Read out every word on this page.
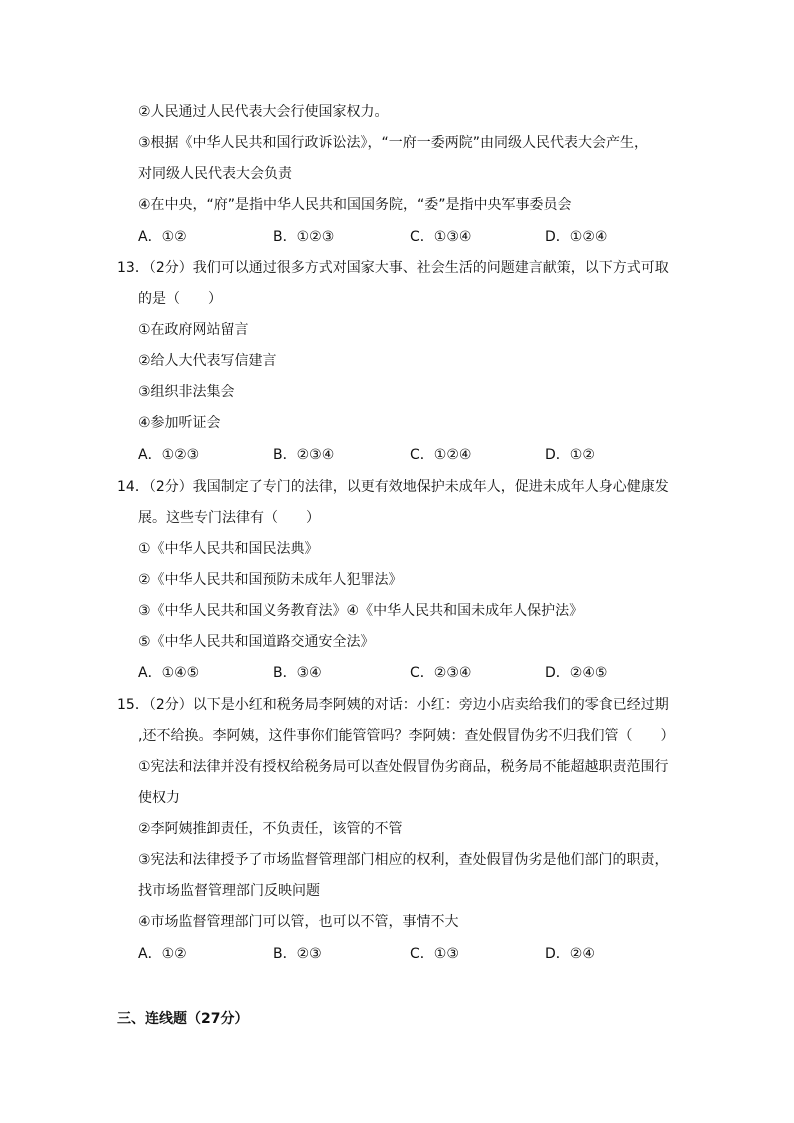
②人民通过人民代表大会行使国家权力。
③根据《中华人民共和国行政诉讼法》，“一府一委两院”由同级人民代表大会产生，
对同级人民代表大会负责
④在中央，“府”是指中华人民共和国国务院，“委”是指中央军事委员会
A．①②	B．①②③	C．①③④	D．①②④
13．（2分）我们可以通过很多方式对国家大事、社会生活的问题建言献策，以下方式可取
的是（　　）
①在政府网站留言
②给人大代表写信建言
③组织非法集会
④参加听证会
A．①②③	B．②③④	C．①②④	D．①②
14．（2分）我国制定了专门的法律，以更有效地保护未成年人，促进未成年人身心健康发
展。这些专门法律有（　　）
①《中华人民共和国民法典》
②《中华人民共和国预防未成年人犯罪法》
③《中华人民共和国义务教育法》④《中华人民共和国未成年人保护法》
⑤《中华人民共和国道路交通安全法》
A．①④⑤	B．③④	C．②③④	D．②④⑤
15．（2分）以下是小红和税务局李阿姨的对话：小红：旁边小店卖给我们的零食已经过期
,还不给换。李阿姨，这件事你们能管管吗？李阿姨：查处假冒伪劣不归我们管（　　）
①宪法和法律并没有授权给税务局可以查处假冒伪劣商品，税务局不能超越职责范围行
使权力
②李阿姨推卸责任，不负责任，该管的不管
③宪法和法律授予了市场监督管理部门相应的权利，查处假冒伪劣是他们部门的职责，
找市场监督管理部门反映问题
④市场监督管理部门可以管，也可以不管，事情不大
A．①②	B．②③	C．①③	D．②④
三、连线题（27分）
